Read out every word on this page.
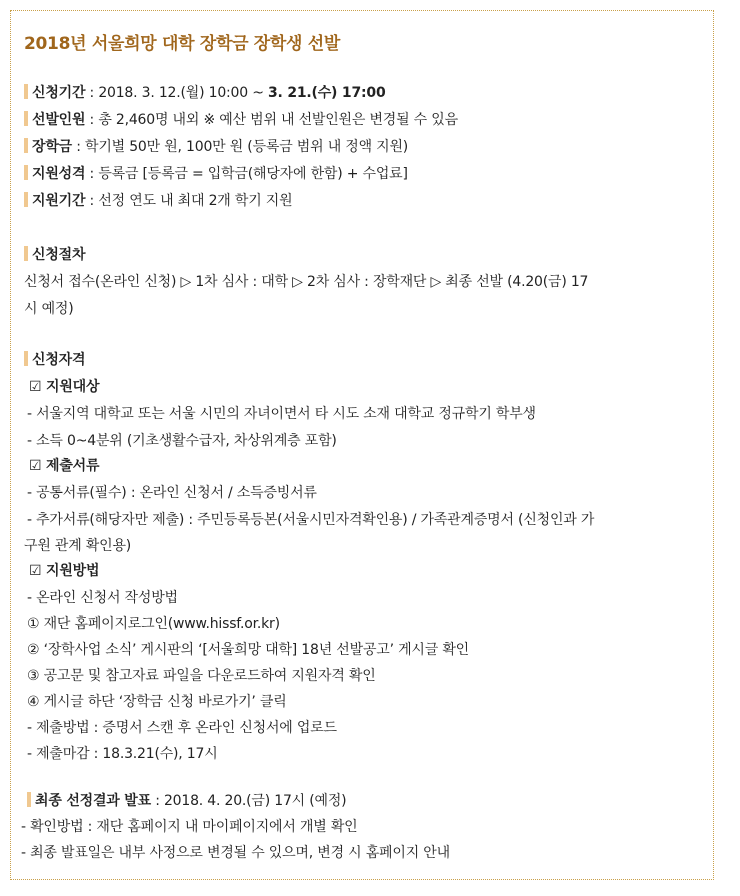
2018년 서울희망 대학 장학금 장학생 선발
신청기간 : 2018. 3. 12.(월) 10:00 ~ 3. 21.(수) 17:00
선발인원 : 총 2,460명 내외 ※ 예산 범위 내 선발인원은 변경될 수 있음
장학금 : 학기별 50만 원, 100만 원 (등록금 범위 내 정액 지원)
지원성격 : 등록금 [등록금 = 입학금(해당자에 한함) + 수업료]
지원기간 : 선정 연도 내 최대 2개 학기 지원
신청절차
신청서 접수(온라인 신청) ▷ 1차 심사 : 대학 ▷ 2차 심사 : 장학재단 ▷ 최종 선발 (4.20(금) 17
시 예정)
신청자격
☑ 지원대상
- 서울지역 대학교 또는 서울 시민의 자녀이면서 타 시도 소재 대학교 정규학기 학부생
- 소득 0~4분위 (기초생활수급자, 차상위계층 포함)
☑ 제출서류
- 공통서류(필수) : 온라인 신청서 / 소득증빙서류
- 추가서류(해당자만 제출) : 주민등록등본(서울시민자격확인용) / 가족관계증명서 (신청인과 가
구원 관계 확인용)
☑ 지원방법
- 온라인 신청서 작성방법
① 재단 홈페이지로그인(www.hissf.or.kr)
② ‘장학사업 소식’ 게시판의 ‘[서울희망 대학] 18년 선발공고’ 게시글 확인
③ 공고문 및 참고자료 파일을 다운로드하여 지원자격 확인
④ 게시글 하단 ‘장학금 신청 바로가기’ 클릭
- 제출방법 : 증명서 스캔 후 온라인 신청서에 업로드
- 제출마감 : 18.3.21(수), 17시
최종 선정결과 발표 : 2018. 4. 20.(금) 17시 (예정)
- 확인방법 : 재단 홈페이지 내 마이페이지에서 개별 확인
- 최종 발표일은 내부 사정으로 변경될 수 있으며, 변경 시 홈페이지 안내
